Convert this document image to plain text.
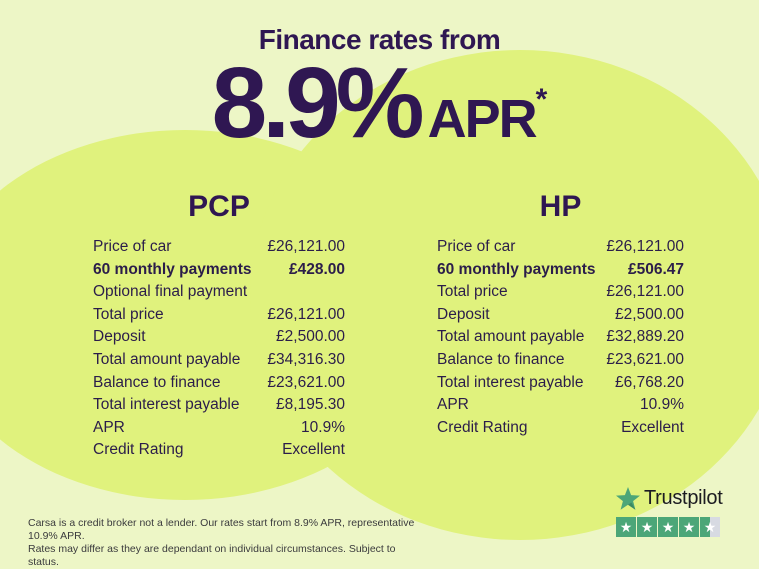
Finance rates from
8.9% APR*
PCP
Price of car	£26,121.00
60 monthly payments £428.00
Optional final payment
Total price	£26,121.00
Deposit	£2,500.00
Total amount payable £34,316.30
Balance to finance	£23,621.00
Total interest payable £8,195.30
APR	10.9%
Credit Rating	Excellent
HP
Price of car	£26,121.00
60 monthly payments £506.47
Total price	£26,121.00
Deposit	£2,500.00
Total amount payable £32,889.20
Balance to finance	£23,621.00
Total interest payable £6,768.20
APR	10.9%
Credit Rating	Excellent
Carsa is a credit broker not a lender. Our rates start from 8.9% APR, representative 10.9% APR.
Rates may differ as they are dependant on individual circumstances. Subject to status.
Trustpilot
★ ★ ★ ★ ★
